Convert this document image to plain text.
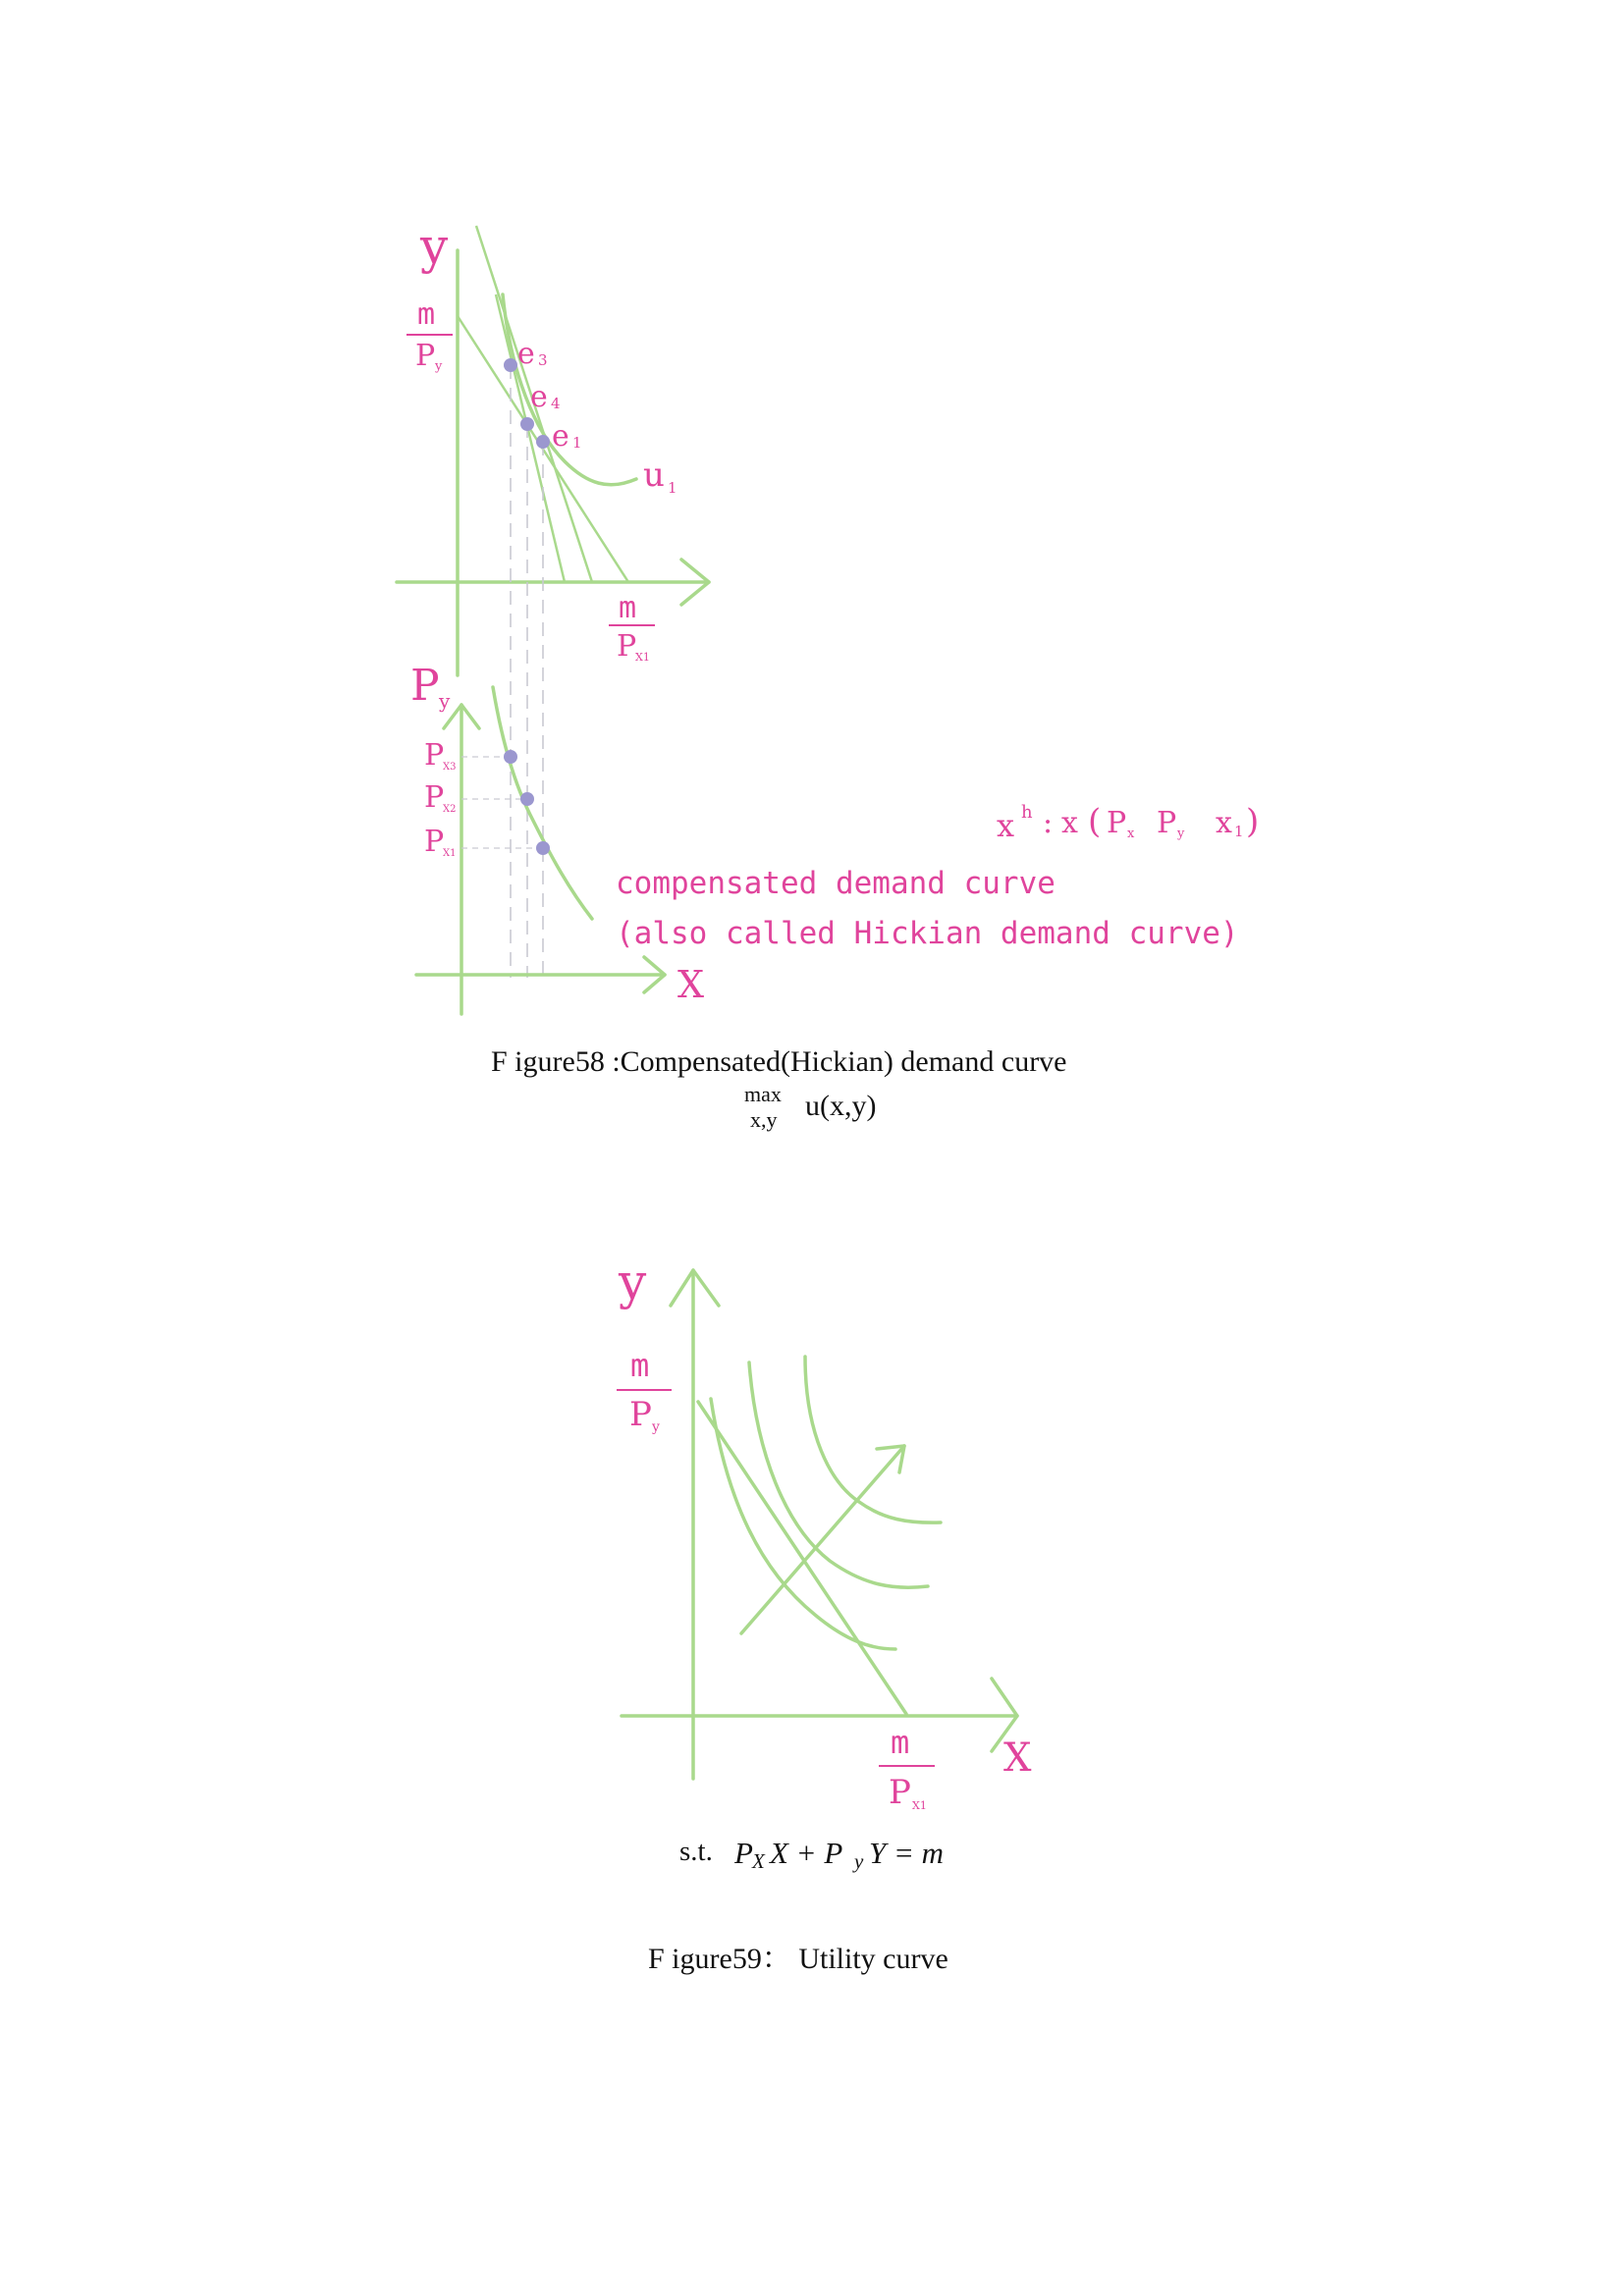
y
m
P y	e 3
e 4
e 1
u 1
m
P
X1
P y
P
X3
P
X2
P
X1
X
x h : x ( P x P y x 1 )
compensated demand curve
(also called Hickian demand curve)
y
m
P y
m
P X1
X
F igure58 :Compensated(Hickian) demand curve
max
x,y u(x,y)
s.t. P X X + P y Y = m
F igure59： Utility curve
